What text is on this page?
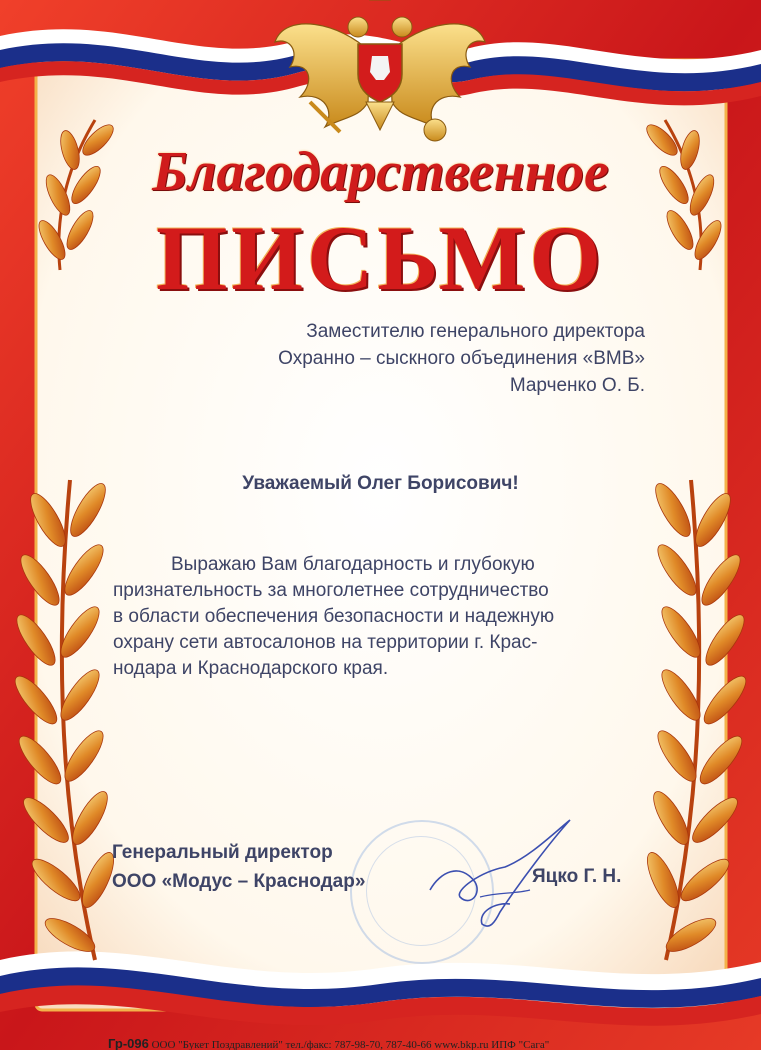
Благодарственное
ПИСЬМО
Заместителю генерального директора
Охранно – сыскного объединения «ВМВ»
Марченко О. Б.
Уважаемый Олег Борисович!
Выражаю Вам благодарность и глубокую
признательность за многолетнее сотрудничество
в области обеспечения безопасности и надежную
охрану сети автосалонов на территории г. Крас-
нодара и Краснодарского края.
Генеральный директор
ООО «Модус – Краснодар»	Яцко Г. Н.
Гр-096 ООО "Букет Поздравлений" тел./факс: 787-98-70, 787-40-66 www.bkp.ru ИПФ "Сага"
